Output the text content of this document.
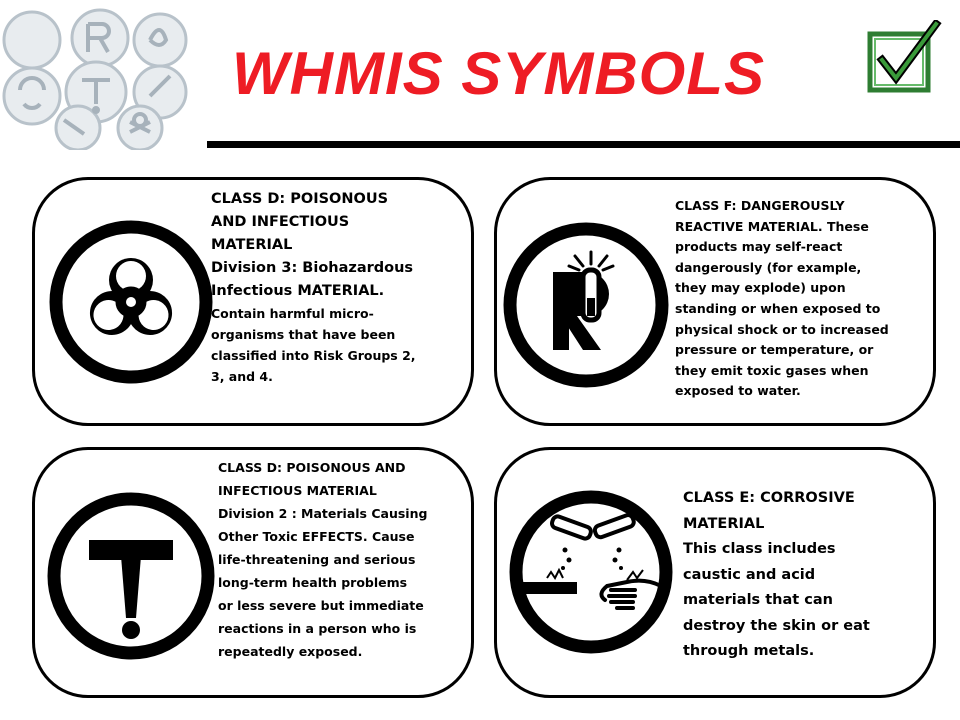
WHMIS SYMBOLS
CLASS D: POISONOUS
AND INFECTIOUS
MATERIAL
Division 3: Biohazardous
Infectious MATERIAL.
Contain harmful micro-
organisms that have been
classified into Risk Groups 2,
3, and 4.
CLASS F: DANGEROUSLY
REACTIVE MATERIAL. These
products may self-react
dangerously (for example,
they may explode) upon
standing or when exposed to
physical shock or to increased
pressure or temperature, or
they emit toxic gases when
exposed to water.
CLASS D: POISONOUS AND
INFECTIOUS MATERIAL
Division 2 : Materials Causing
Other Toxic EFFECTS. Cause
life-threatening and serious
long-term health problems
or less severe but immediate
reactions in a person who is
repeatedly exposed.
CLASS E: CORROSIVE
MATERIAL
This class includes
caustic and acid
materials that can
destroy the skin or eat
through metals.
